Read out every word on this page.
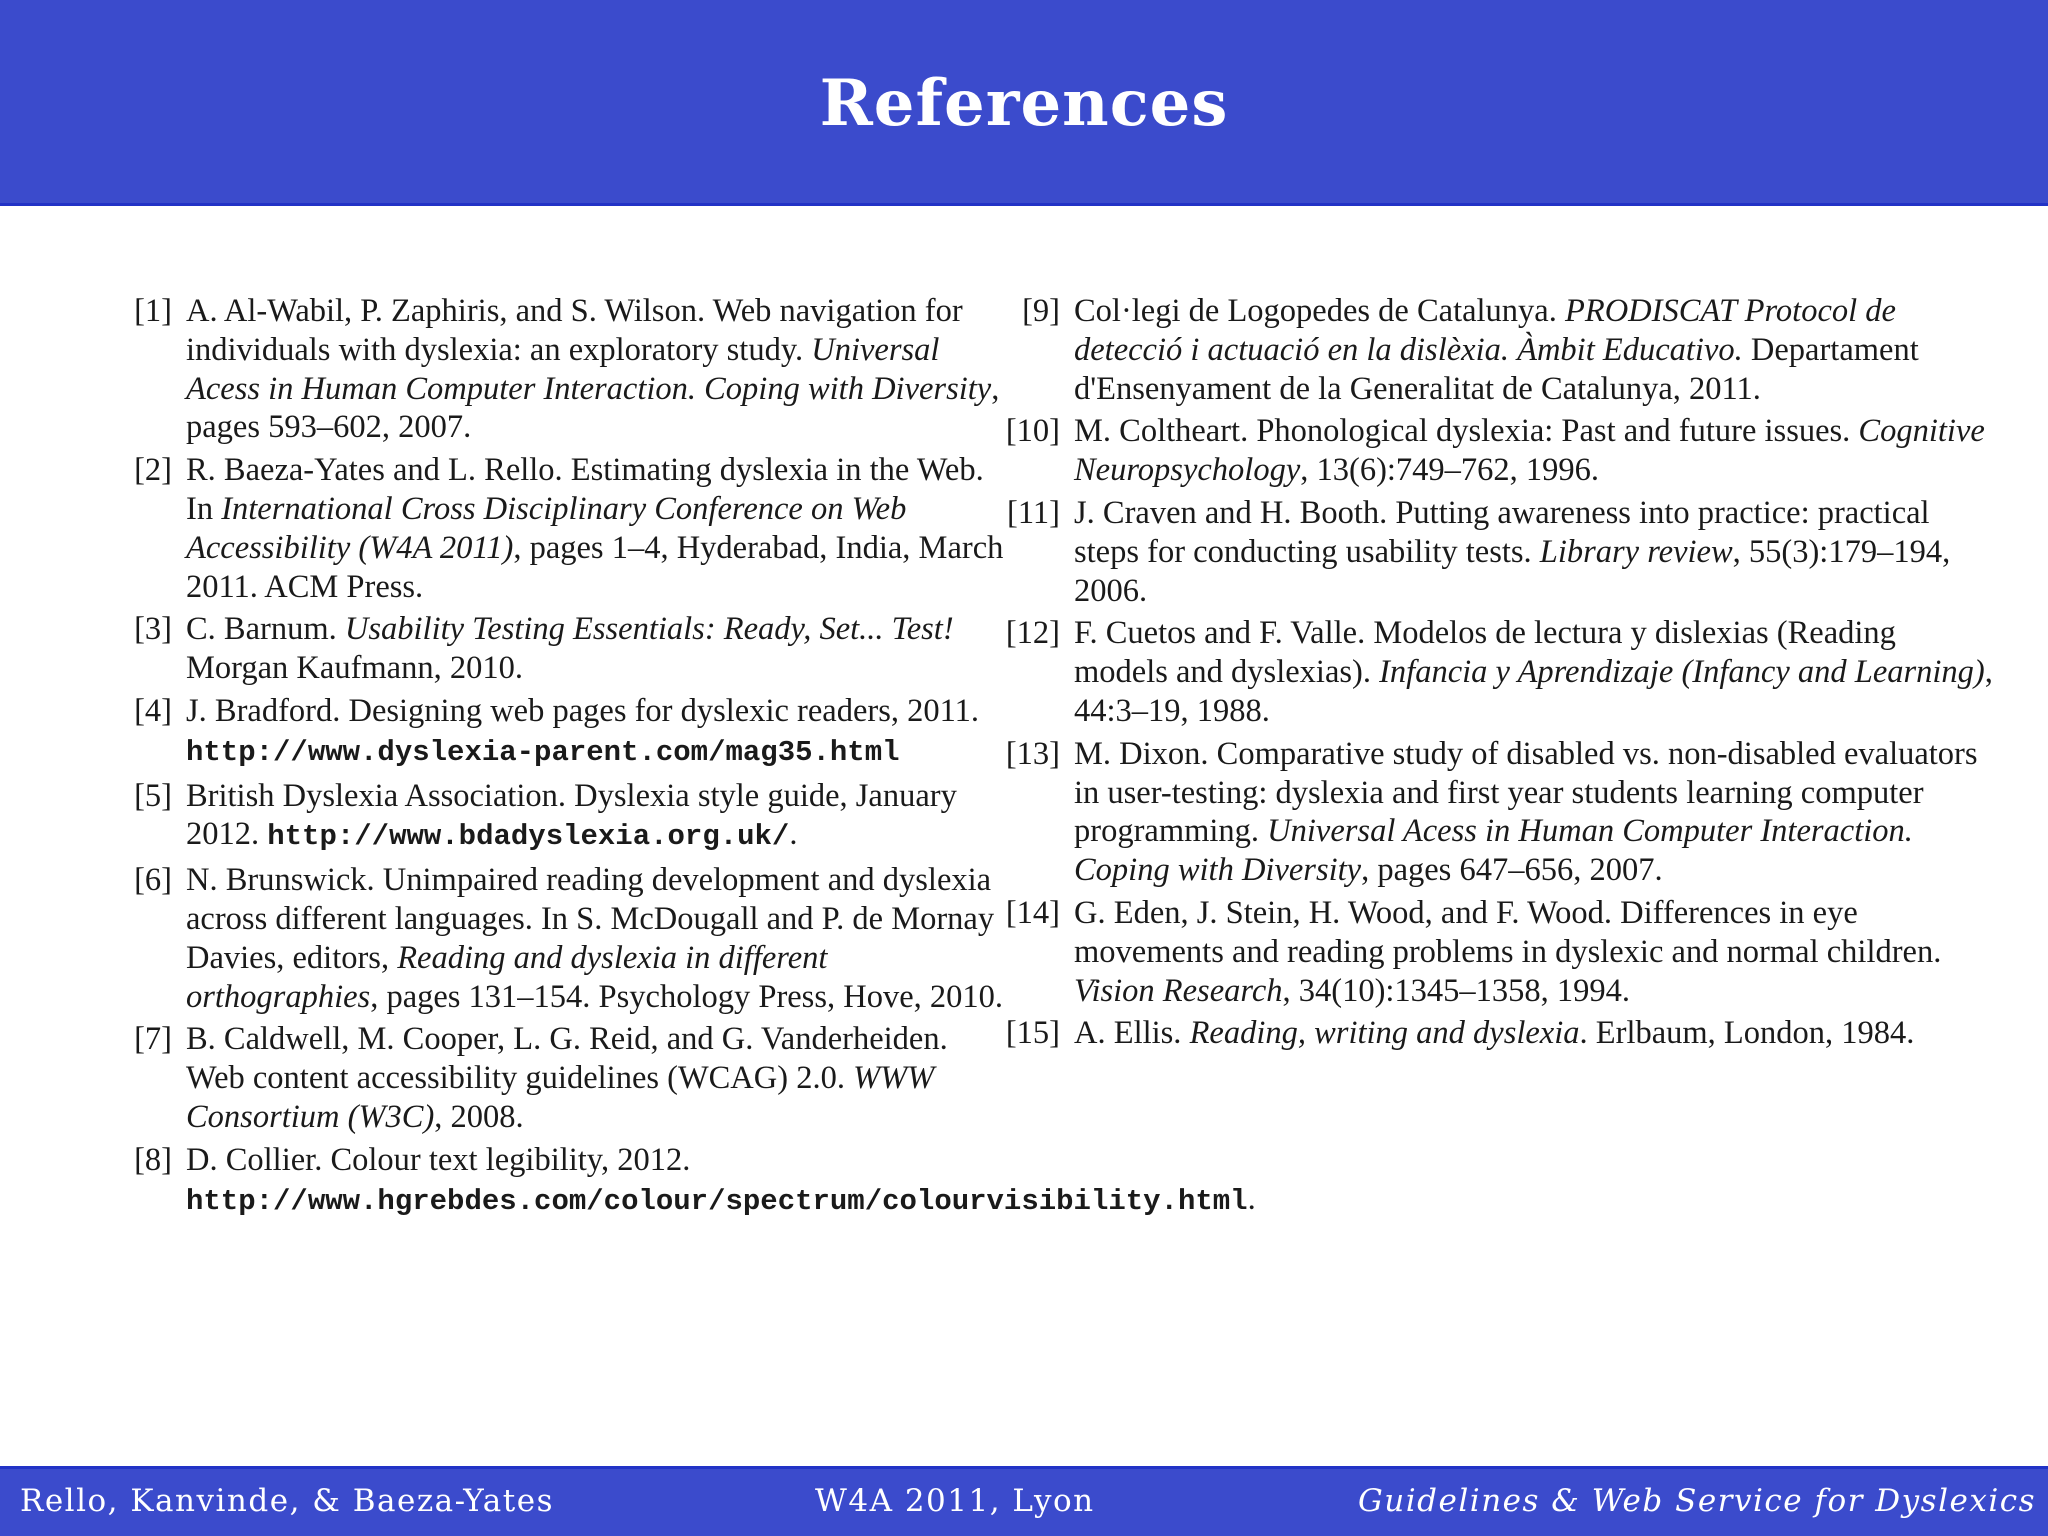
References
[1] A. Al-Wabil, P. Zaphiris, and S. Wilson. Web navigation for individuals with dyslexia: an exploratory study. Universal Acess in Human Computer Interaction. Coping with Diversity, pages 593–602, 2007.
[2] R. Baeza-Yates and L. Rello. Estimating dyslexia in the Web. In International Cross Disciplinary Conference on Web Accessibility (W4A 2011), pages 1–4, Hyderabad, India, March 2011. ACM Press.
[3] C. Barnum. Usability Testing Essentials: Ready, Set... Test! Morgan Kaufmann, 2010.
[4] J. Bradford. Designing web pages for dyslexic readers, 2011. http://www.dyslexia-parent.com/mag35.html
[5] British Dyslexia Association. Dyslexia style guide, January 2012. http://www.bdadyslexia.org.uk/.
[6] N. Brunswick. Unimpaired reading development and dyslexia across different languages. In S. McDougall and P. de Mornay Davies, editors, Reading and dyslexia in different orthographies, pages 131–154. Psychology Press, Hove, 2010.
[7] B. Caldwell, M. Cooper, L. G. Reid, and G. Vanderheiden. Web content accessibility guidelines (WCAG) 2.0. WWW Consortium (W3C), 2008.
[8] D. Collier. Colour text legibility, 2012. http://www.hgrebdes.com/colour/spectrum/colourvisibility.html.
[9] Col·legi de Logopedes de Catalunya. PRODISCAT Protocol de detecció i actuació en la dislèxia. Àmbit Educativo. Departament d'Ensenyament de la Generalitat de Catalunya, 2011.
[10] M. Coltheart. Phonological dyslexia: Past and future issues. Cognitive Neuropsychology, 13(6):749–762, 1996.
[11] J. Craven and H. Booth. Putting awareness into practice: practical steps for conducting usability tests. Library review, 55(3):179–194, 2006.
[12] F. Cuetos and F. Valle. Modelos de lectura y dislexias (Reading models and dyslexias). Infancia y Aprendizaje (Infancy and Learning), 44:3–19, 1988.
[13] M. Dixon. Comparative study of disabled vs. non-disabled evaluators in user-testing: dyslexia and first year students learning computer programming. Universal Acess in Human Computer Interaction. Coping with Diversity, pages 647–656, 2007.
[14] G. Eden, J. Stein, H. Wood, and F. Wood. Differences in eye movements and reading problems in dyslexic and normal children. Vision Research, 34(10):1345–1358, 1994.
[15] A. Ellis. Reading, writing and dyslexia. Erlbaum, London, 1984.
Rello, Kanvinde, & Baeza-Yates	W4A 2011, Lyon	Guidelines & Web Service for Dyslexics
